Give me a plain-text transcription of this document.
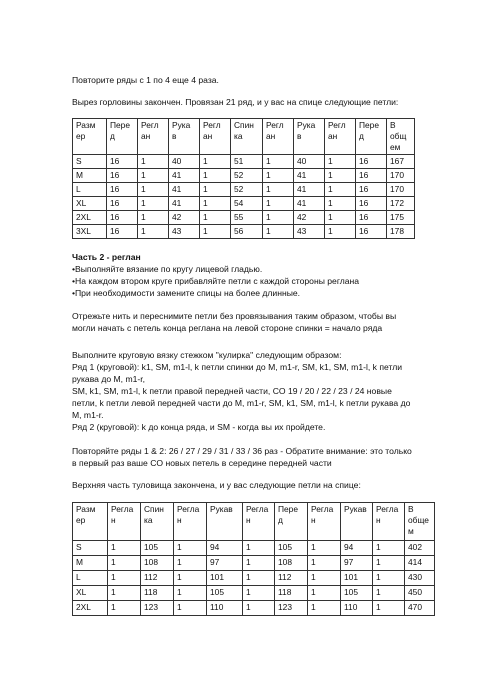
Повторите ряды с 1 по 4 еще 4 раза.

Вырез горловины закончен. Провязан 21 ряд, и у вас на спице следующие петли:

Разм ер	Пере д	Регл ан	Рука в	Регл ан	Спин ка	Регл ан	Рука в	Регл ан	Пере д	В общ ем
S	16	1	40	1	51	1	40	1	16	167
M	16	1	41	1	52	1	41	1	16	170
L	16	1	41	1	52	1	41	1	16	170
XL	16	1	41	1	54	1	41	1	16	172
2XL	16	1	42	1	55	1	42	1	16	175
3XL	16	1	43	1	56	1	43	1	16	178

Часть 2 - реглан

•Выполняйте вязание по кругу лицевой гладью.

•На каждом втором круге прибавляйте петли с каждой стороны реглана

•При необходимости замените спицы на более длинные.

Отрежьте нить и переснимите петли без провязывания таким образом, чтобы вы могли начать с петель конца реглана на левой стороне спинки = начало ряда

Выполните круговую вязку стежком "кулирка" следующим образом:

Ряд 1 (круговой): k1, SM, m1-l, k петли спинки до M, m1-r, SM, k1, SM, m1-l, k петли рукава до M, m1-r,

SM, k1, SM, m1-l, k петли правой передней части, CO 19 / 20 / 22 / 23 / 24 новые петли, k петли левой передней части до M, m1-r, SM, k1, SM, m1-l, k петли рукава до M, m1-r.

Ряд 2 (круговой): k до конца ряда, и SM - когда вы их пройдете.

Повторяйте ряды 1 & 2: 26 / 27 / 29 / 31 / 33 / 36 раз - Обратите внимание: это только в первый раз ваше CO новых петель в середине передней части

Верхняя часть туловища закончена, и у вас следующие петли на спице:

Разм ер	Регла н	Спин ка	Регла н	Рукав	Регла н	Пере д	Регла н	Рукав	Регла н	В обще м
S	1	105	1	94	1	105	1	94	1	402
M	1	108	1	97	1	108	1	97	1	414
L	1	112	1	101	1	112	1	101	1	430
XL	1	118	1	105	1	118	1	105	1	450
2XL	1	123	1	110	1	123	1	110	1	470
